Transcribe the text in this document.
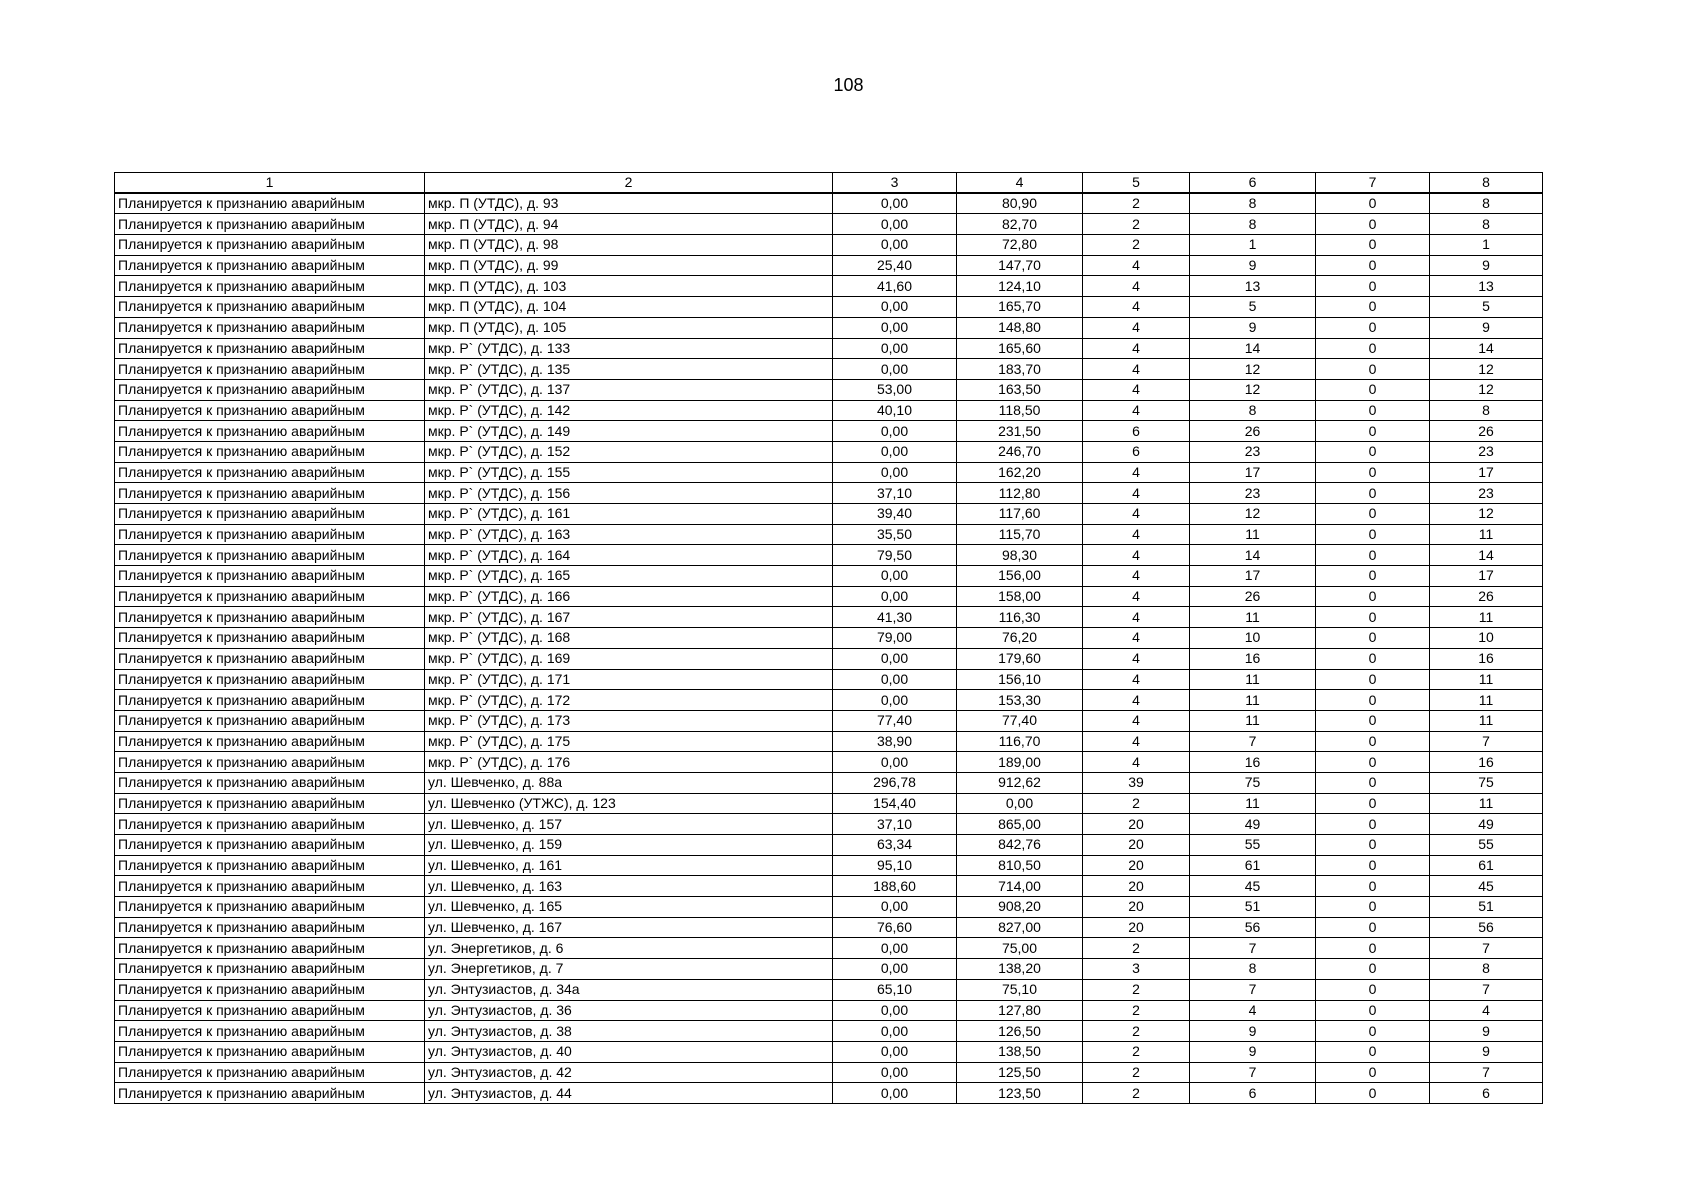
108
1	2	3	4	5	6	7	8
Планируется к признанию аварийным	мкр. П (УТДС), д. 93	0,00	80,90	2	8	0	8
Планируется к признанию аварийным	мкр. П (УТДС), д. 94	0,00	82,70	2	8	0	8
Планируется к признанию аварийным	мкр. П (УТДС), д. 98	0,00	72,80	2	1	0	1
Планируется к признанию аварийным	мкр. П (УТДС), д. 99	25,40	147,70	4	9	0	9
Планируется к признанию аварийным	мкр. П (УТДС), д. 103	41,60	124,10	4	13	0	13
Планируется к признанию аварийным	мкр. П (УТДС), д. 104	0,00	165,70	4	5	0	5
Планируется к признанию аварийным	мкр. П (УТДС), д. 105	0,00	148,80	4	9	0	9
Планируется к признанию аварийным	мкр. Р` (УТДС), д. 133	0,00	165,60	4	14	0	14
Планируется к признанию аварийным	мкр. Р` (УТДС), д. 135	0,00	183,70	4	12	0	12
Планируется к признанию аварийным	мкр. Р` (УТДС), д. 137	53,00	163,50	4	12	0	12
Планируется к признанию аварийным	мкр. Р` (УТДС), д. 142	40,10	118,50	4	8	0	8
Планируется к признанию аварийным	мкр. Р` (УТДС), д. 149	0,00	231,50	6	26	0	26
Планируется к признанию аварийным	мкр. Р` (УТДС), д. 152	0,00	246,70	6	23	0	23
Планируется к признанию аварийным	мкр. Р` (УТДС), д. 155	0,00	162,20	4	17	0	17
Планируется к признанию аварийным	мкр. Р` (УТДС), д. 156	37,10	112,80	4	23	0	23
Планируется к признанию аварийным	мкр. Р` (УТДС), д. 161	39,40	117,60	4	12	0	12
Планируется к признанию аварийным	мкр. Р` (УТДС), д. 163	35,50	115,70	4	11	0	11
Планируется к признанию аварийным	мкр. Р` (УТДС), д. 164	79,50	98,30	4	14	0	14
Планируется к признанию аварийным	мкр. Р` (УТДС), д. 165	0,00	156,00	4	17	0	17
Планируется к признанию аварийным	мкр. Р` (УТДС), д. 166	0,00	158,00	4	26	0	26
Планируется к признанию аварийным	мкр. Р` (УТДС), д. 167	41,30	116,30	4	11	0	11
Планируется к признанию аварийным	мкр. Р` (УТДС), д. 168	79,00	76,20	4	10	0	10
Планируется к признанию аварийным	мкр. Р` (УТДС), д. 169	0,00	179,60	4	16	0	16
Планируется к признанию аварийным	мкр. Р` (УТДС), д. 171	0,00	156,10	4	11	0	11
Планируется к признанию аварийным	мкр. Р` (УТДС), д. 172	0,00	153,30	4	11	0	11
Планируется к признанию аварийным	мкр. Р` (УТДС), д. 173	77,40	77,40	4	11	0	11
Планируется к признанию аварийным	мкр. Р` (УТДС), д. 175	38,90	116,70	4	7	0	7
Планируется к признанию аварийным	мкр. Р` (УТДС), д. 176	0,00	189,00	4	16	0	16
Планируется к признанию аварийным	ул. Шевченко, д. 88а	296,78	912,62	39	75	0	75
Планируется к признанию аварийным	ул. Шевченко (УТЖС), д. 123	154,40	0,00	2	11	0	11
Планируется к признанию аварийным	ул. Шевченко, д. 157	37,10	865,00	20	49	0	49
Планируется к признанию аварийным	ул. Шевченко, д. 159	63,34	842,76	20	55	0	55
Планируется к признанию аварийным	ул. Шевченко, д. 161	95,10	810,50	20	61	0	61
Планируется к признанию аварийным	ул. Шевченко, д. 163	188,60	714,00	20	45	0	45
Планируется к признанию аварийным	ул. Шевченко, д. 165	0,00	908,20	20	51	0	51
Планируется к признанию аварийным	ул. Шевченко, д. 167	76,60	827,00	20	56	0	56
Планируется к признанию аварийным	ул. Энергетиков, д. 6	0,00	75,00	2	7	0	7
Планируется к признанию аварийным	ул. Энергетиков, д. 7	0,00	138,20	3	8	0	8
Планируется к признанию аварийным	ул. Энтузиастов, д. 34а	65,10	75,10	2	7	0	7
Планируется к признанию аварийным	ул. Энтузиастов, д. 36	0,00	127,80	2	4	0	4
Планируется к признанию аварийным	ул. Энтузиастов, д. 38	0,00	126,50	2	9	0	9
Планируется к признанию аварийным	ул. Энтузиастов, д. 40	0,00	138,50	2	9	0	9
Планируется к признанию аварийным	ул. Энтузиастов, д. 42	0,00	125,50	2	7	0	7
Планируется к признанию аварийным	ул. Энтузиастов, д. 44	0,00	123,50	2	6	0	6
